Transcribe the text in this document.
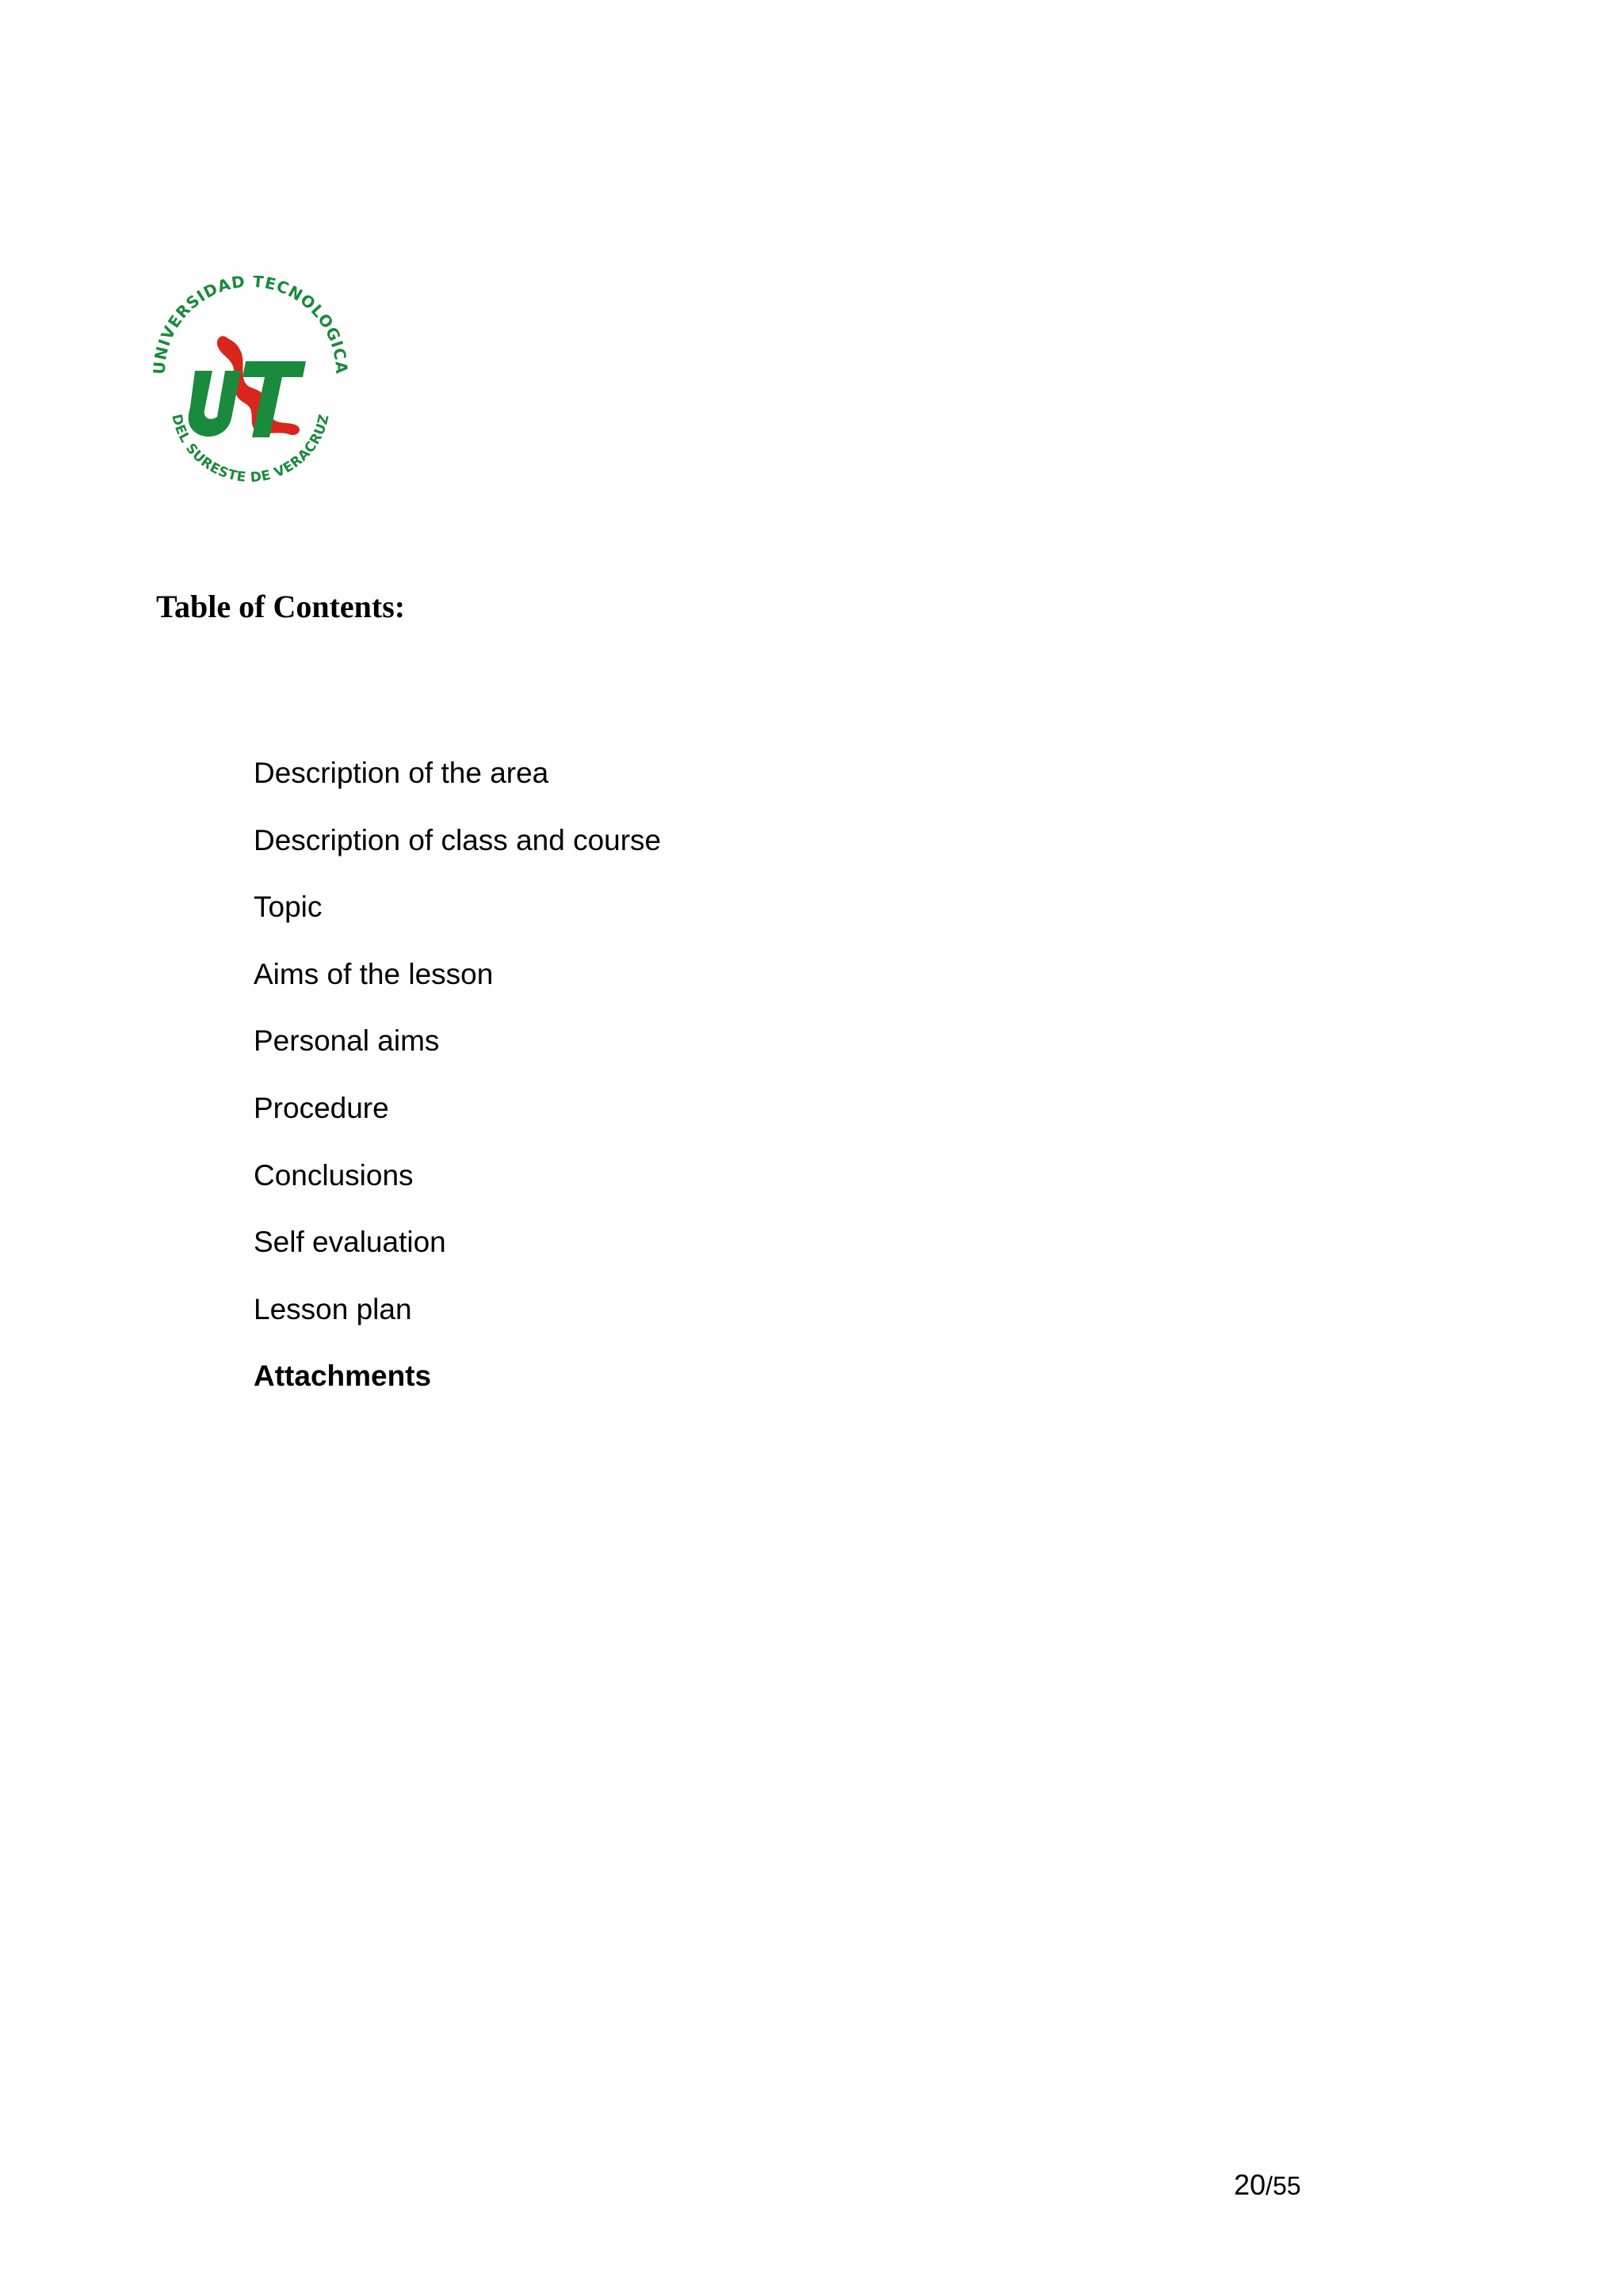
UNIVERSIDAD TECNOLOGICA
DEL SURESTE DE VERACRUZ
Table of Contents:
Description of the area
Description of class and course
Topic
Aims of the lesson
Personal aims
Procedure
Conclusions
Self evaluation
Lesson plan
Attachments
20/55
